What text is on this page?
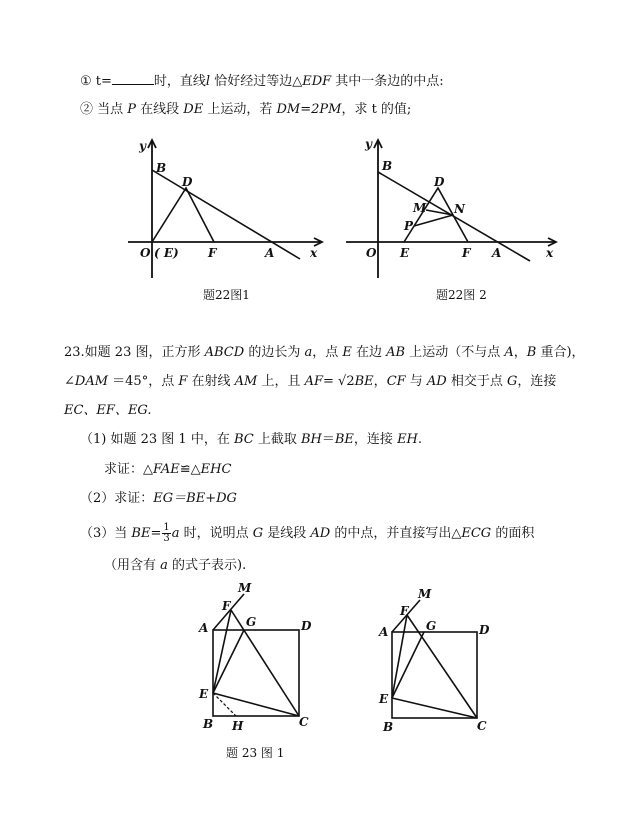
① t=	时，直线l 恰好经过等边△EDF 其中一条边的中点:
② 当点 P 在线段 DE 上运动，若 DM=2PM，求 t 的值;
y
B
D
O ( E) F	A	x
题22图1
y
B
D
M N
P
O E	F A	x
题22图 2
23.如题 23 图，正方形 ABCD 的边长为 a，点 E 在边 AB 上运动（不与点 A，B 重合)，
∠DAM ＝45°，点 F 在射线 AM 上，且 AF= √2BE，CF 与 AD 相交于点 G，连接
EC、EF、EG.
（1) 如题 23 图 1 中，在 BC 上截取 BH＝BE，连接 EH.
求证：△FAE≌△EHC
（2）求证：EG＝BE+DG
（3）当 $BE= \frac{1}{3}$ a 时，说明点 G 是线段 AD 的中点，并直接写出△ECG 的面积
（用含有 a 的式子表示).
M
F
G
A	D
E
B H	C
题 23 图 1
M
F
G
A	D
E
B	C
